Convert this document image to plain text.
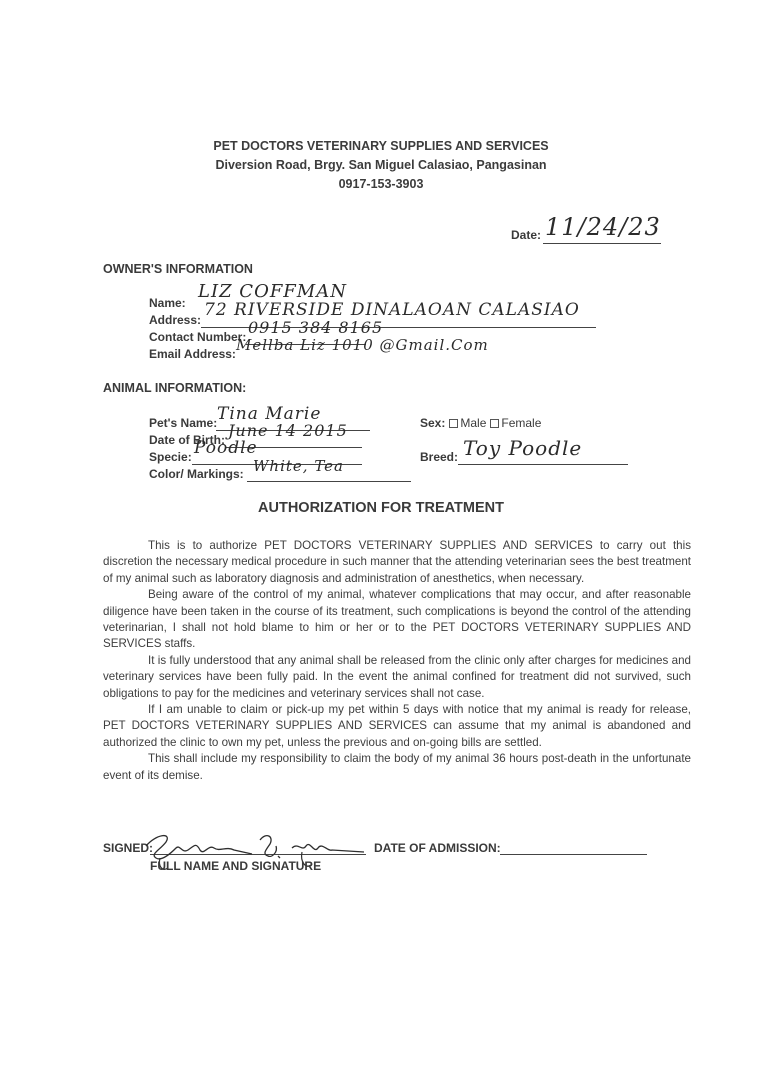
PET DOCTORS VETERINARY SUPPLIES AND SERVICES
Diversion Road, Brgy. San Miguel Calasiao, Pangasinan
0917-153-3903
Date: 11/24/23
OWNER'S INFORMATION
Name:
LIZ COFFMAN
Address: 72 RIVERSIDE DINALAOAN CALASIAO
Contact Number: 0915 384 8165
Email Address: Mellba Liz 1010 @Gmail.Com
ANIMAL INFORMATION:
Pet's Name: Tina Marie
Date of Birth: June 14 2015
Specie: Poodle
Color/ Markings: White, Tea
Sex: Male Female
Breed: Toy Poodle
AUTHORIZATION FOR TREATMENT

This is to authorize PET DOCTORS VETERINARY SUPPLIES AND SERVICES to carry out this discretion the necessary medical procedure in such manner that the attending veterinarian sees the best treatment of my animal such as laboratory diagnosis and administration of anesthetics, when necessary.

Being aware of the control of my animal, whatever complications that may occur, and after reasonable diligence have been taken in the course of its treatment, such complications is beyond the control of the attending veterinarian, I shall not hold blame to him or her or to the PET DOCTORS VETERINARY SUPPLIES AND SERVICES staffs.

It is fully understood that any animal shall be released from the clinic only after charges for medicines and veterinary services have been fully paid. In the event the animal confined for treatment did not survived, such obligations to pay for the medicines and veterinary services shall not case.

If I am unable to claim or pick-up my pet within 5 days with notice that my animal is ready for release, PET DOCTORS VETERINARY SUPPLIES AND SERVICES can assume that my animal is abandoned and authorized the clinic to own my pet, unless the previous and on-going bills are settled.

This shall include my responsibility to claim the body of my animal 36 hours post-death in the unfortunate event of its demise.

SIGNED:
FULL NAME AND SIGNATURE
DATE OF ADMISSION:
